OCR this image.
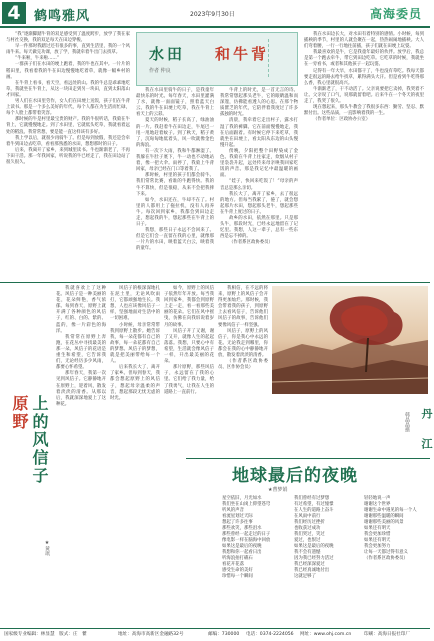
4	鹤鸣雅风	2023年9月30日	高海委员

“我”逐渐脚踏牛背的双足感受到了温度跨步，放学了我在家与村社交换，我的双足每天在田边穿梭。

早一件那时我踏过还有很多的事，直到生活里，我的一个风雨牛来。每天做完功课，放了学，我就牵着牛出门去找草。

“牛来啦，牛来啦……”

一群孩子们在水田的埂上跑着，我的牛也在其中。一片片的稻田里，我看着我的牛在田边慢慢地吃着草，就像一幅乡村的画。

在牛背上看书，看天空，看远处的山。我的牛总是乖乖地吃草，我就坐在牛背上，从这一块田走到另一块田，直到太阳落山才回家。

男人们在水田里劳作，女人们在田埂上送饭，孩子们在牛背上读书。那是一个多么美好的年代，每个人都在为生活而忙碌，每个人脸上都带着笑容。

那时候的牛是村里最宝贵的财产。我的牛很听话，我骑在牛背上，它就慢慢地走。到了水田里，它就低头吃草，我就看着远处的稻浪。我常常想，要是能一直这样该有多好。

我上学以后，就很少再骑牛了。但是每到放假，我还是会牵着牛到田边去吃草，看看那熟悉的水田，想想那时的日子。

后来，我离开了家乡，来到城里读书。牛也渐渐老了，不再下田干活。那一年我回家，听说我的牛已经走了，我在田边站了很久很久。

水田 和牛背
作者 仲良

我在水田里骑牛的日子，是我童年最快乐的时光。每年春天，水田里灌满了水，就像一面面镜子，照着蓝天白云。我的牛在田埂上吃草，我在牛背上看天上的云彩。

夏天的时候，稻子长高了，绿油油的一片。我赶着牛在田边走，牛尾巴一甩一甩地赶着蚊子。到了秋天，稻子黄了，沉甸甸地低着头，风一吹就像金色的海浪。

有一次下大雨，我和牛都淋湿了。我躲在牛肚子底下，牛一动也不动地站着，像一把大伞。雨停了，我骑上牛背回家，母亲已经在门口等着我了。

那时候，村里的孩子们都会骑牛。我们常常比赛，看谁的牛跑得快。我的牛不算快，但是很稳，从来不会把我摔下来。

如今，水田还在，牛却不在了。村里的人都用上了拖拉机，没有人再养牛。每次回到家乡，我都会到田边走走，想起我的牛，想起那些在牛背上的日子。

我想，那些日子永远不会回来了。但是它们会一直留在我的心里，就像那一片片的水田，映着蓝天白云，映着我的童年。

牛背上的时光，是一首无言的诗。我常常想起那头老牛，它的眼睛温和而深邃，仿佛能看透人的心思。在那个物质匮乏的年代，它陪伴着我度过了许多孤独的时光。

清晨，我牵着它走出村子，露水打湿了我的裤脚。它在前面慢慢地走，我在后面跟着。有时候它停下来吃草，我就坐在田埂上，看太阳从东边的山头慢慢升起。

傍晚，夕阳把整个田野染成了金色。我骑在牛背上往家走，炊烟从村子里袅袅升起，远处传来母亲唤我回家吃饭的声音。那是我记忆中最温暖的画面。

“娃子，快回来吃饭了！”母亲的声音总是那么亲切。

我长大了，离开了家乡，去了很远的地方。但每当我累了，倦了，就会想起那片水田，想起那头老牛，想起那些在牛背上度过的日子。

故乡的水田，依然在那里。只是那头牛，那段时光，已经永远地留在了记忆里。我想，人这一辈子，总有一些东西是忘不掉的。

（作者系区政协委员）

我在水田边长大，对水田有着特别的感情。小时候，每到插秧的季节，村里的人就会聚在一起，热热闹闹地插秧。大人们弯着腰，一行一行地往前插，孩子们就在田埂上玩耍。

我最喜欢的是牛，它是我童年最好的伙伴。放学后，我总是第一个跑去牵牛，带它到田边吃草。它吃草的时候，我就坐在一旁看书，或者和其他孩子一起玩耍。

记得有一年大旱，水田都干了，牛也没有草吃。我每天都要走很远的路去给牛找草，累得满头大汗。但是看到牛吃得那么香，我心里就很高兴。

牛渐渐老了，干不动活了。父亲说要把它卖掉，我哭着不让。父亲叹了口气，说那就留着吧。后来牛在一个冬天的夜里走了，我哭了很久。

现在想起来，那头牛教会了我很多东西：勤劳、坚忍、默默付出。这些品质，一直影响着我的一生。

（作者单位：区政协办公室）

原野 上的风信子
★黄琪

我就喜欢上了这种花。风信子是一种美丽的花，花朵鲜艳，香气浓郁。每到春天，原野上就开满了各种颜色的风信子，红的、白的、紫的、蓝的，像一片彩色的海洋。

我常常在原野上奔跑，在花丛中寻找最美的那一朵。风信子的花语是重生和希望，它告诉我们，无论经历多少风雨，都要心怀希望。

那年春天，我第一次见到风信子。它静静地开在原野上，迎着风，散发着淡淡的清香。从那以后，我就深深地爱上了这种花。

风信子的根深深地扎在泥土里，无论风吹雨打，它都顽强地生长。我想，人也应该像风信子一样，坚强地面对生活中的一切困难。

小时候，母亲常常带我到原野上散步。她告诉我，每一朵花都有自己的故事，每一朵花都有自己的梦想。风信子的梦想，就是把美丽带给每一个人。

后来我长大了，离开了家乡。但每到春天，我都会想起原野上的风信子，想起母亲温柔的声音，想起那段无忧无虑的时光。

如今，原野上的风信子依然年年开放。每当我回到家乡，我都会到原野上走一走，看一看那些美丽的花朵。它们在风中摇曳，仿佛在向我诉说着岁月的故事。

风信子开了又谢，谢了又开，就像人生的起起落落。我想，只要心中有希望，生活就会像风信子一样，开出最美丽的花朵。

那片原野，那些风信子，永远留在了我的心里。它们给了我力量，给了我勇气，让我在人生的道路上一直前行。

我相信，在不远的将来，原野上的风信子会开得更加灿烂。那时候，我会带着我的孩子，到原野上去看风信子，告诉他们风信子的故事，告诉他们要像风信子一样坚强。

风信子，原野上的风信子，你是我心中永远的花。无论我走到哪里，你都会在我的心中静静地开放，散发着淡淡的清香。

（作者系区政协委员、区作协会员）

丹　江
韩晶晶摄
地球最后的夜晚
★曹梦娟

星空依旧，月光如水

我们坐在山岗上仰望苍穹

听风的声音

看流星划过天际

想起了许多往事

那些欢笑，那些泪水

那些曾经一起走过的日子

像电影一样在脑海中回放

如果这是最后的夜晚

我想和你一起看日出

听海浪拍打礁石

看花开花落

感受生命的美好

珍惜每一个瞬间

我们曾经有过梦想

有过希望，有过憧憬

在人生的道路上奋斗

在风雨中前行

我们经历过挫折

也收获过成功

我们哭过，笑过

爱过，也恨过

如果这是最后的夜晚

我不会有遗憾

因为我已经努力活过

我已经深深爱过

我已经真诚地付出

这就足够了

轻轻地说一声

谢谢这个世界

谢谢生命中遇见的每一个人

谢谢那些温暖的瞬间

谢谢那些美丽的风景

如果还有明天

我会更加珍惜

如果还有明天

我会更加努力

让每一天都过得有意义

（作者系区政协委员）

国家级专业编辑：林显慧　版式：庄　藿	地址：高海市高新区金融路32号	邮编：730000 电话：0374-2224056 网址：www.ohj.com.cn	印刷：高海日报社印厂
